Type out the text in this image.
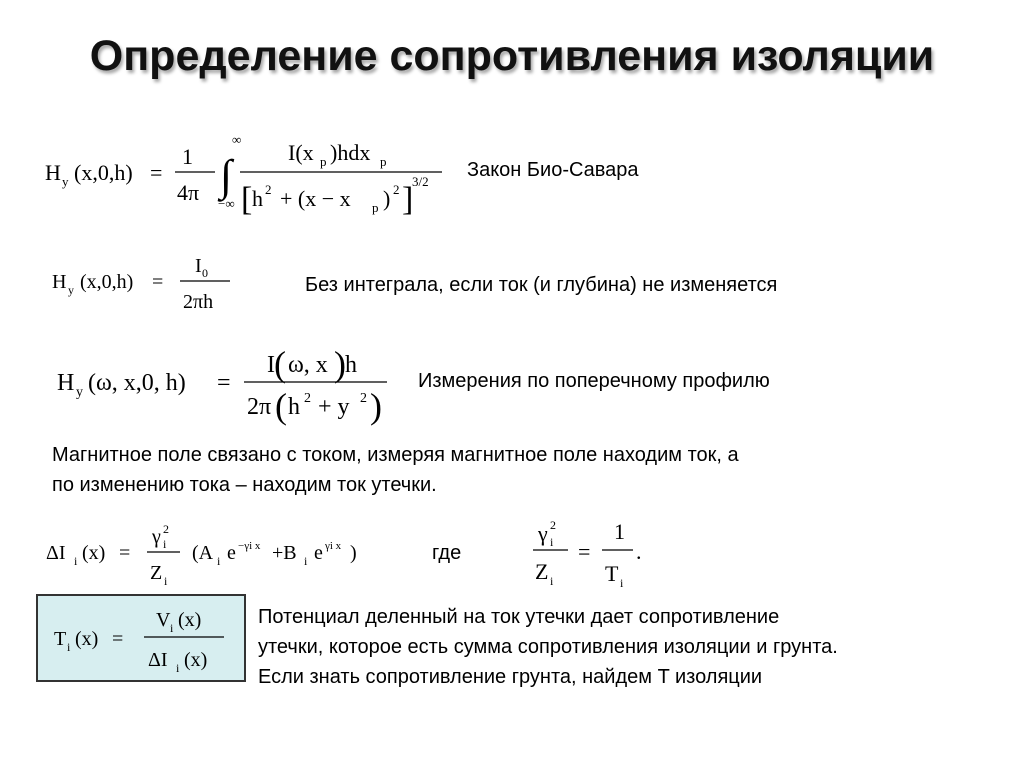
Определение сопротивления изоляции
H y (x,0,h) =
1
4π ∫
∞
−∞
I(x p )hdx p
[ h 2 + (x − x p ) 2 ]
3/2
Закон Био-Савара
H y (x,0,h) =
I 0
2πh
Без интеграла, если ток (и глубина) не изменяется
H y (ω, x,0, h) =
I ( ω, x ) h
2π ( h 2 + y 2 )
Измерения по поперечному профилю
Магнитное поле связано с током, измеряя магнитное поле находим ток, а
по изменению тока – находим ток утечки.
ΔI i (x) =
γ 2
i
Z i
(A i e −γi x +B i e γi x )	где
γ 2
i
Z i
=
1
T i
.
T i (x) =
V i (x)
ΔI i (x)
Потенциал деленный на ток утечки дает сопротивление
утечки, которое есть сумма сопротивления изоляции и грунта.
Если знать сопротивление грунта, найдем T изоляции
